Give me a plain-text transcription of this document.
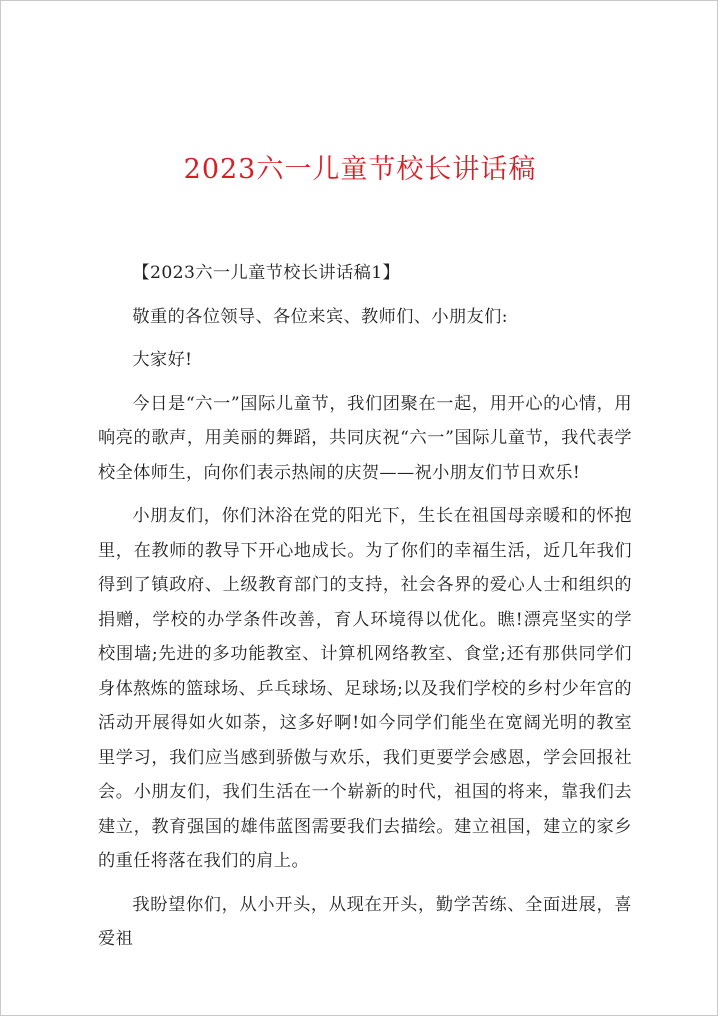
2023六一儿童节校长讲话稿

【2023六一儿童节校长讲话稿1】

敬重的各位领导、各位来宾、教师们、小朋友们:

大家好!

今日是“六一”国际儿童节，我们团聚在一起，用开心的心情，用响亮的歌声，用美丽的舞蹈，共同庆祝“六一”国际儿童节，我代表学校全体师生，向你们表示热闹的庆贺——祝小朋友们节日欢乐!

小朋友们，你们沐浴在党的阳光下，生长在祖国母亲暖和的怀抱里，在教师的教导下开心地成长。为了你们的幸福生活，近几年我们得到了镇政府、上级教育部门的支持，社会各界的爱心人士和组织的捐赠，学校的办学条件改善，育人环境得以优化。瞧!漂亮坚实的学校围墙;先进的多功能教室、计算机网络教室、食堂;还有那供同学们身体熬炼的篮球场、乒乓球场、足球场;以及我们学校的乡村少年宫的活动开展得如火如荼，这多好啊!如今同学们能坐在宽阔光明的教室里学习，我们应当感到骄傲与欢乐，我们更要学会感恩，学会回报社会。小朋友们，我们生活在一个崭新的时代，祖国的将来，靠我们去建立，教育强国的雄伟蓝图需要我们去描绘。建立祖国，建立的家乡的重任将落在我们的肩上。

我盼望你们，从小开头，从现在开头，勤学苦练、全面进展，喜爱祖
